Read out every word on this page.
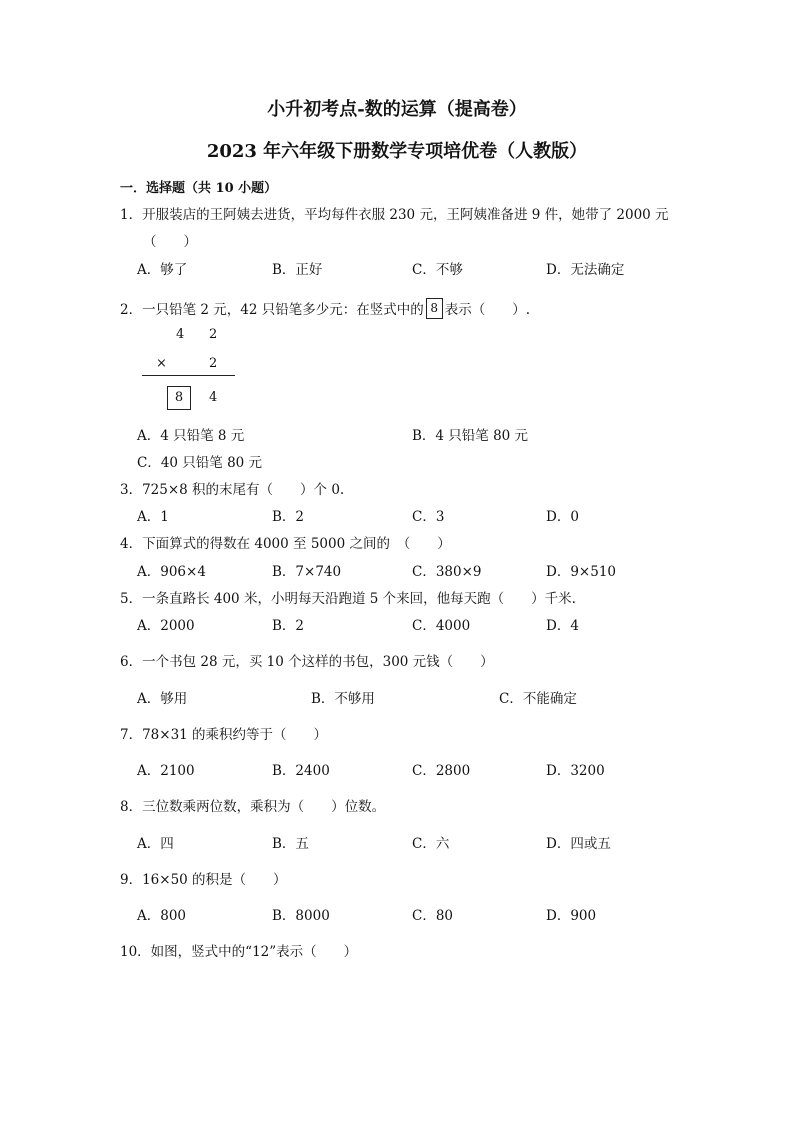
小升初考点-数的运算（提高卷）
2023 年六年级下册数学专项培优卷（人教版）
一．选择题（共 10 小题）
1．开服装店的王阿姨去进货，平均每件衣服 230 元，王阿姨准备进 9 件，她带了 2000 元
（　　）
A．够了	B．正好	C．不够	D．无法确定
2．一只铅笔 2 元，42 只铅笔多少元：在竖式中的 8 表示（　　）.
4 2
×	2
8	4
A．4 只铅笔 8 元	B．4 只铅笔 80 元
C．40 只铅笔 80 元
3．725×8 积的末尾有（　　）个 0.
A．1	B．2	C．3	D．0
4．下面算式的得数在 4000 至 5000 之间的　（　　）
A．906×4	B．7×740	C．380×9	D．9×510
5．一条直路长 400 米，小明每天沿跑道 5 个来回，他每天跑（　　）千米.
A．2000	B．2	C．4000	D．4
6．一个书包 28 元，买 10 个这样的书包，300 元钱（　　）
A．够用	B．不够用	C．不能确定
7．78×31 的乘积约等于（　　）
A．2100	B．2400	C．2800	D．3200
8．三位数乘两位数，乘积为（　　）位数。
A．四	B．五	C．六	D．四或五
9．16×50 的积是（　　）
A．800	B．8000	C．80	D．900
10．如图，竖式中的“12”表示（　　）
